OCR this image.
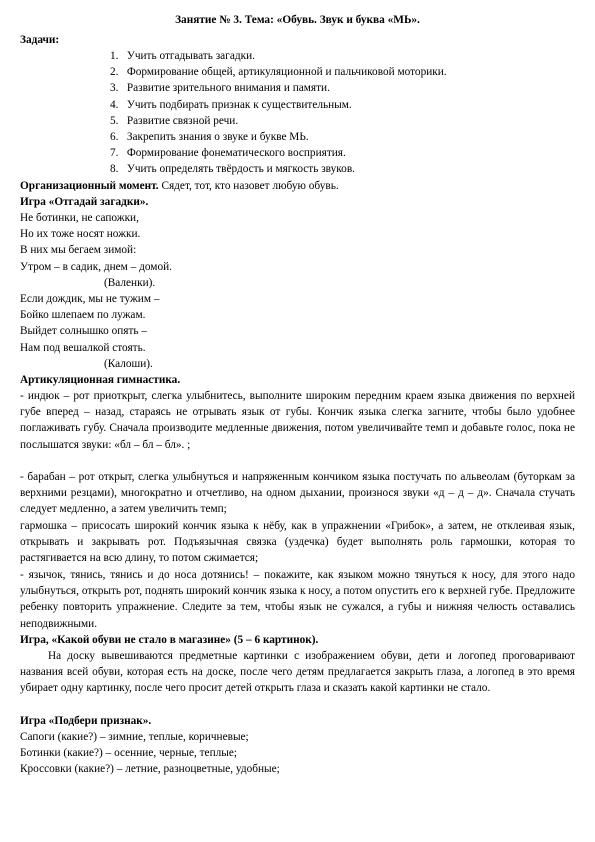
Занятие № 3. Тема: «Обувь. Звук и буква «МЬ».
Задачи:
1. Учить отгадывать загадки.
2. Формирование общей, артикуляционной и пальчиковой моторики.
3. Развитие зрительного внимания и памяти.
4. Учить подбирать признак к существительным.
5. Развитие связной речи.
6. Закрепить знания о звуке и букве МЬ.
7. Формирование фонематического восприятия.
8. Учить определять твёрдость и мягкость звуков.
Организационный момент. Сядет, тот, кто назовет любую обувь.
Игра «Отгадай загадки».
Не ботинки, не сапожки,
Но их тоже носят ножки.
В них мы бегаем зимой:
Утром – в садик, днем – домой.
(Валенки).
Если дождик, мы не тужим –
Бойко шлепаем по лужам.
Выйдет солнышко опять –
Нам под вешалкой стоять.
(Калоши).
Артикуляционная гимнастика.
- индюк – рот приоткрыт, слегка улыбнитесь, выполните широким передним краем языка движения по верхней губе вперед – назад, стараясь не отрывать язык от губы. Кончик языка слегка загните, чтобы было удобнее поглаживать губу. Сначала производите медленные движения, потом увеличивайте темп и добавьте голос, пока не послышатся звуки: «бл – бл – бл». ;
- барабан – рот открыт, слегка улыбнуться и напряженным кончиком языка постучать по альвеолам (буторкам за верхними резцами), многократно и отчетливо, на одном дыхании, произнося звуки «д – д – д». Сначала стучать следует медленно, а затем увеличить темп;
гармошка – присосать широкий кончик языка к нёбу, как в упражнении «Грибок», а затем, не отклеивая язык, открывать и закрывать рот. Подъязычная связка (уздечка) будет выполнять роль гармошки, которая то растягивается на всю длину, то потом сжимается;
- язычок, тянись, тянись и до носа дотянись! – покажите, как языком можно тянуться к носу, для этого надо улыбнуться, открыть рот, поднять широкий кончик языка к носу, а потом опустить его к верхней губе. Предложите ребенку повторить упражнение. Следите за тем, чтобы язык не сужался, а губы и нижняя челюсть оставались неподвижными.
Игра, «Какой обуви не стало в магазине» (5 – 6 картинок).
На доску вывешиваются предметные картинки с изображением обуви, дети и логопед проговаривают названия всей обуви, которая есть на доске, после чего детям предлагается закрыть глаза, а логопед в это время убирает одну картинку, после чего просит детей открыть глаза и сказать какой картинки не стало.
Игра «Подбери признак».
Сапоги (какие?) – зимние, теплые, коричневые;
Ботинки (какие?) – осенние, черные, теплые;
Кроссовки (какие?) – летние, разноцветные, удобные;
